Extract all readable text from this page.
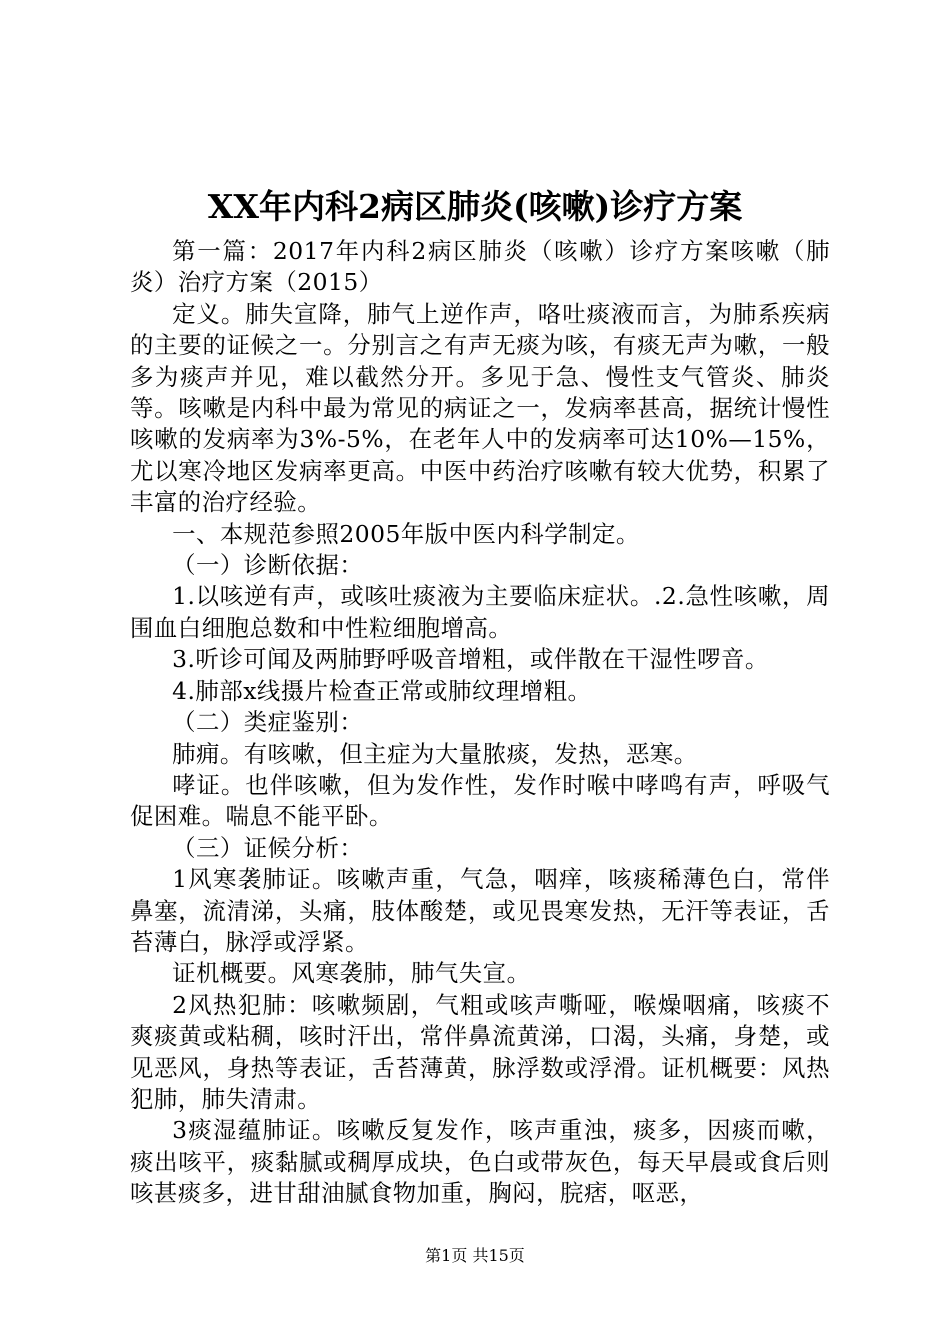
XX年内科2病区肺炎(咳嗽)诊疗方案

第一篇：2017年内科2病区肺炎（咳嗽）诊疗方案咳嗽（肺炎）治疗方案（2015）

定义。肺失宣降，肺气上逆作声，咯吐痰液而言，为肺系疾病的主要的证候之一。分别言之有声无痰为咳，有痰无声为嗽，一般多为痰声并见，难以截然分开。多见于急、慢性支气管炎、肺炎等。咳嗽是内科中最为常见的病证之一，发病率甚高，据统计慢性咳嗽的发病率为3%-5%，在老年人中的发病率可达10%—15%，尤以寒冷地区发病率更高。中医中药治疗咳嗽有较大优势，积累了丰富的治疗经验。

一、本规范参照2005年版中医内科学制定。

（一）诊断依据：

1.以咳逆有声，或咳吐痰液为主要临床症状。.2.急性咳嗽，周围血白细胞总数和中性粒细胞增高。

3.听诊可闻及两肺野呼吸音增粗，或伴散在干湿性啰音。

4.肺部x线摄片检查正常或肺纹理增粗。

（二）类症鉴别：

肺痈。有咳嗽，但主症为大量脓痰，发热，恶寒。

哮证。也伴咳嗽，但为发作性，发作时喉中哮鸣有声，呼吸气促困难。喘息不能平卧。

（三）证候分析：

1风寒袭肺证。咳嗽声重，气急，咽痒，咳痰稀薄色白，常伴鼻塞，流清涕，头痛，肢体酸楚，或见畏寒发热，无汗等表证，舌苔薄白，脉浮或浮紧。

证机概要。风寒袭肺，肺气失宣。

2风热犯肺：咳嗽频剧，气粗或咳声嘶哑，喉燥咽痛，咳痰不爽痰黄或粘稠，咳时汗出，常伴鼻流黄涕，口渴，头痛，身楚，或见恶风，身热等表证，舌苔薄黄，脉浮数或浮滑。证机概要：风热犯肺，肺失清肃。

3痰湿蕴肺证。咳嗽反复发作，咳声重浊，痰多，因痰而嗽，痰出咳平，痰黏腻或稠厚成块，色白或带灰色，每天早晨或食后则咳甚痰多，进甘甜油腻食物加重，胸闷，脘痞，呕恶，

第1页 共15页
